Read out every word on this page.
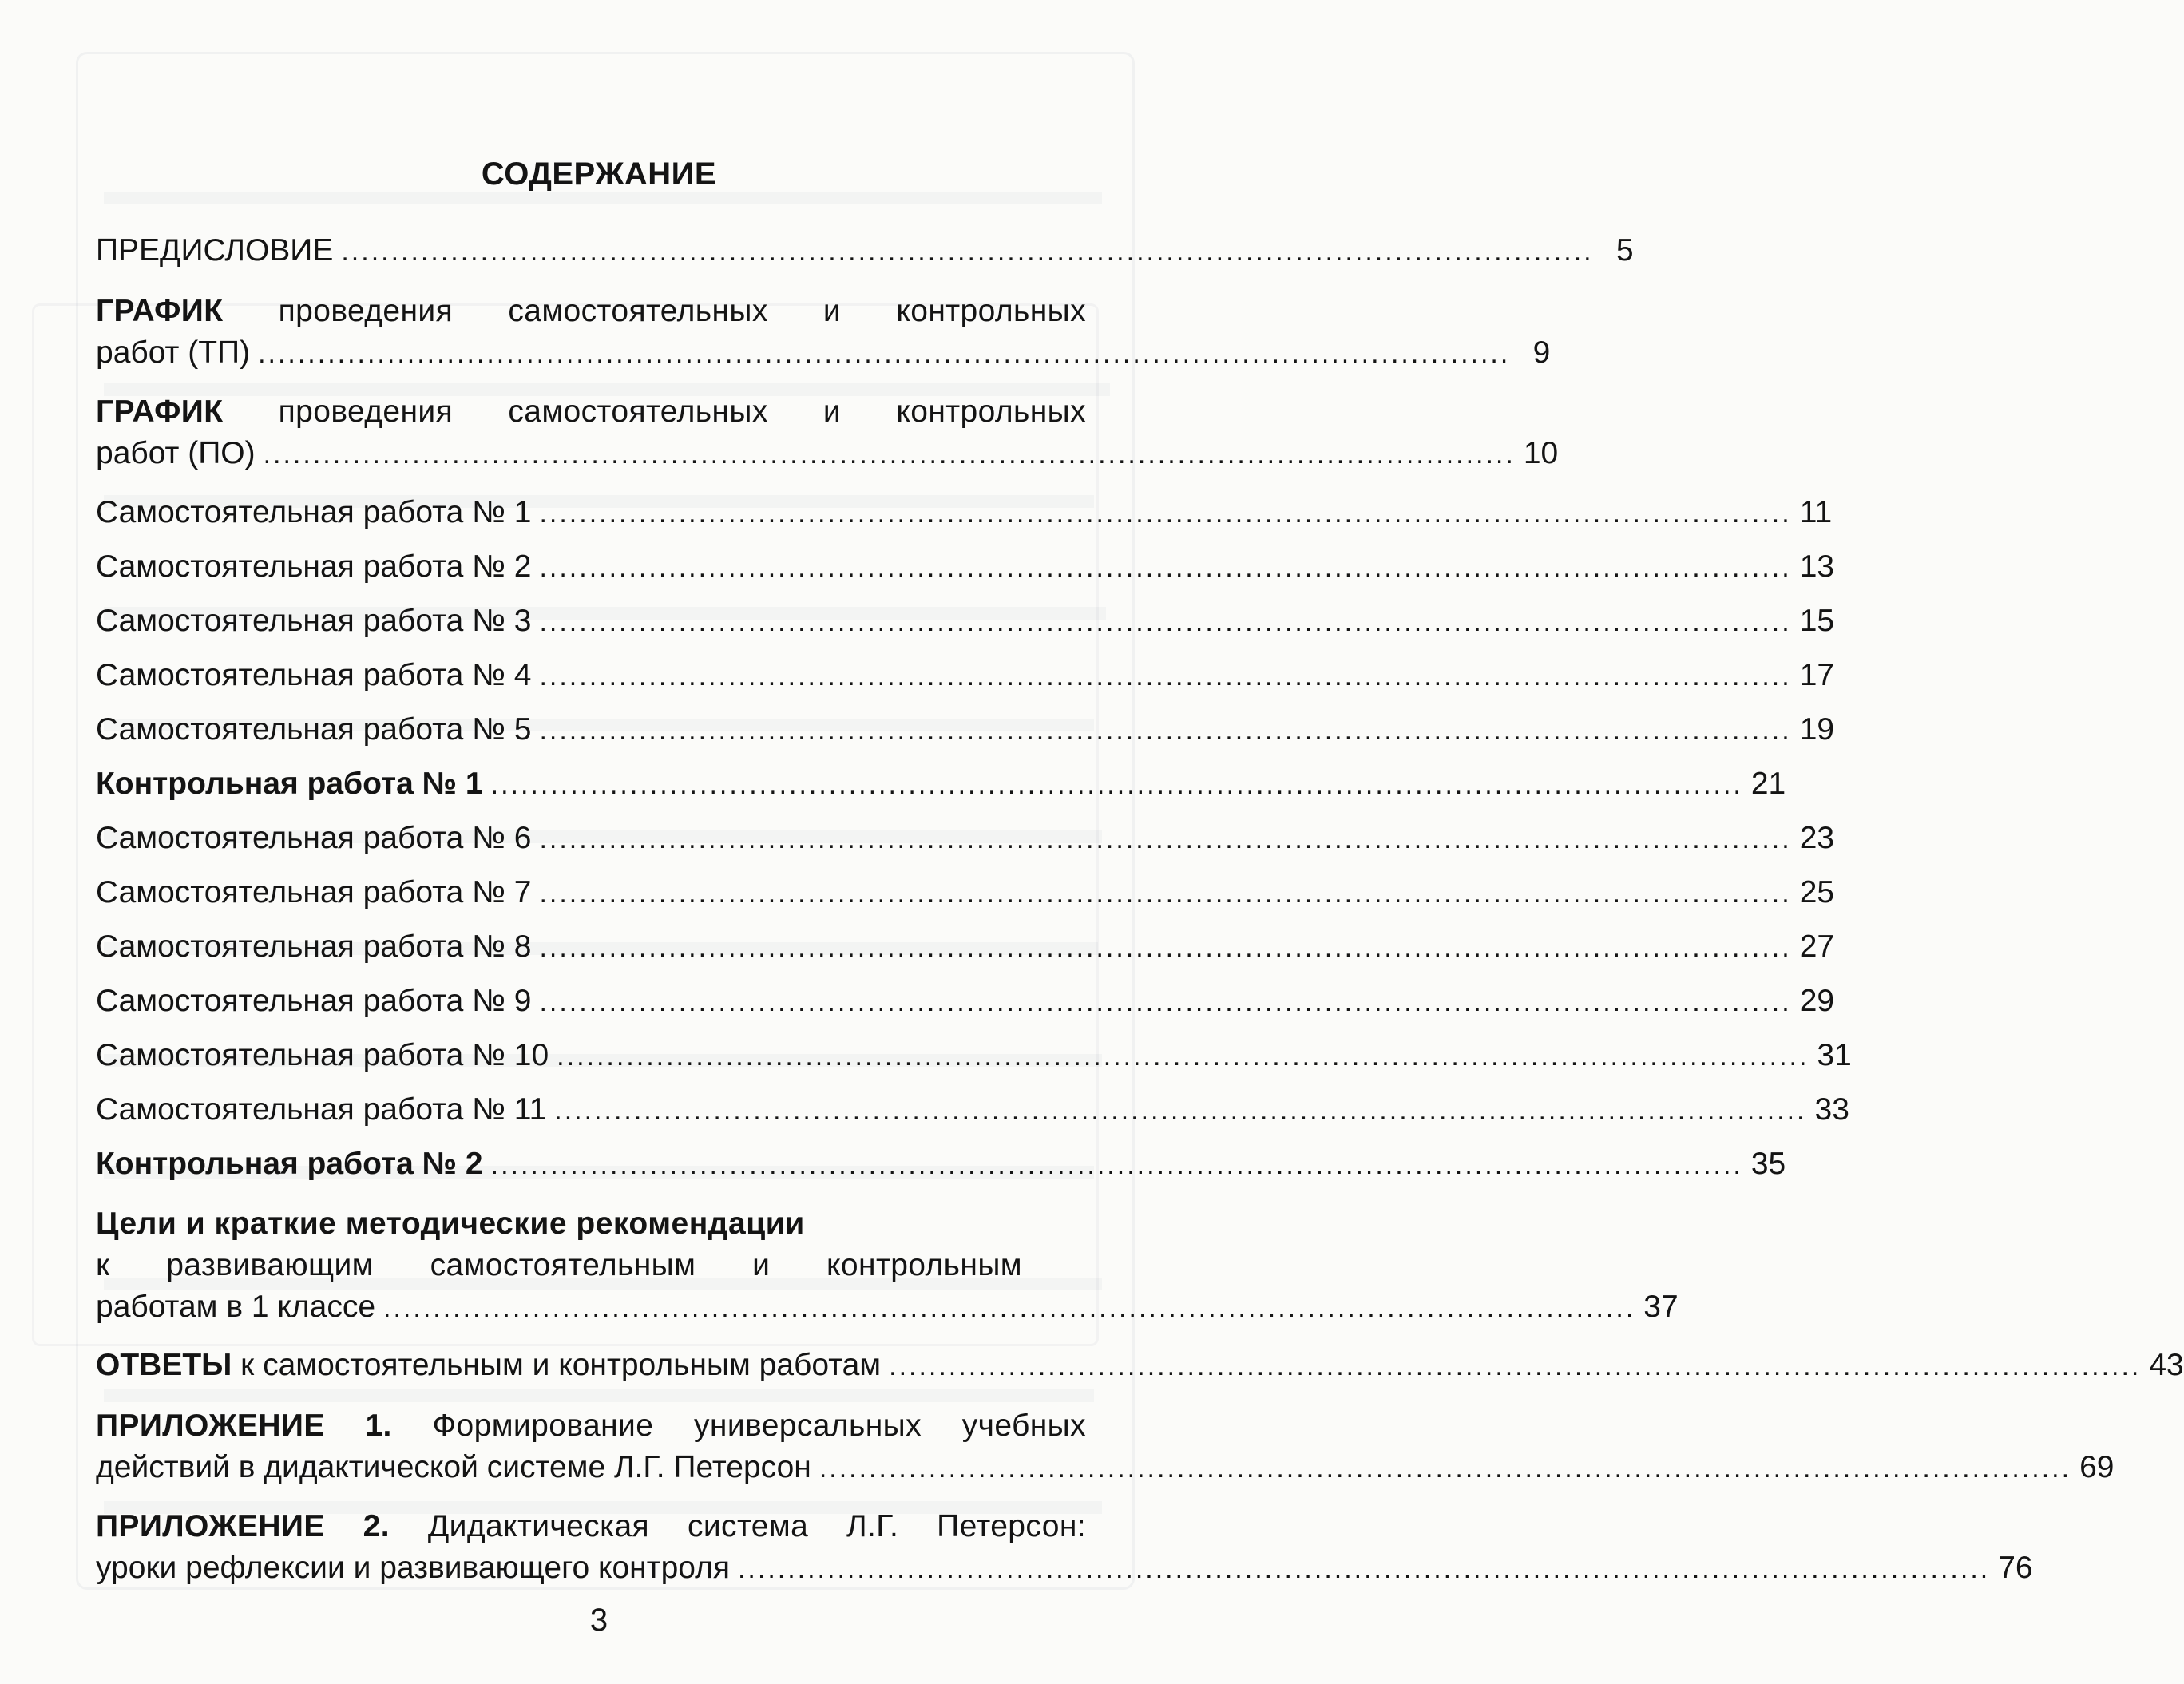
СОДЕРЖАНИЕ
ПРЕДИСЛОВИЕ .............................................................................................................................. 5
ГРАФИК проведения самостоятельных и контрольных
работ (ТП) .............................................................................................................................. 9
ГРАФИК проведения самостоятельных и контрольных
работ (ПО) .............................................................................................................................. 10
Самостоятельная работа № 1 .............................................................................................................................. 11
Самостоятельная работа № 2 .............................................................................................................................. 13
Самостоятельная работа № 3 .............................................................................................................................. 15
Самостоятельная работа № 4 .............................................................................................................................. 17
Самостоятельная работа № 5 .............................................................................................................................. 19
Контрольная работа № 1 .............................................................................................................................. 21
Самостоятельная работа № 6 .............................................................................................................................. 23
Самостоятельная работа № 7 .............................................................................................................................. 25
Самостоятельная работа № 8 .............................................................................................................................. 27
Самостоятельная работа № 9 .............................................................................................................................. 29
Самостоятельная работа № 10 .............................................................................................................................. 31
Самостоятельная работа № 11 .............................................................................................................................. 33
Контрольная работа № 2 .............................................................................................................................. 35
Цели и краткие методические рекомендации
к развивающим самостоятельным и контрольным
работам в 1 классе .............................................................................................................................. 37
ОТВЕТЫ к самостоятельным и контрольным работам .............................................................................................................................. 43
ПРИЛОЖЕНИЕ 1. Формирование универсальных учебных
действий в дидактической системе Л.Г. Петерсон .............................................................................................................................. 69
ПРИЛОЖЕНИЕ 2. Дидактическая система Л.Г. Петерсон:
уроки рефлексии и развивающего контроля .............................................................................................................................. 76
3
